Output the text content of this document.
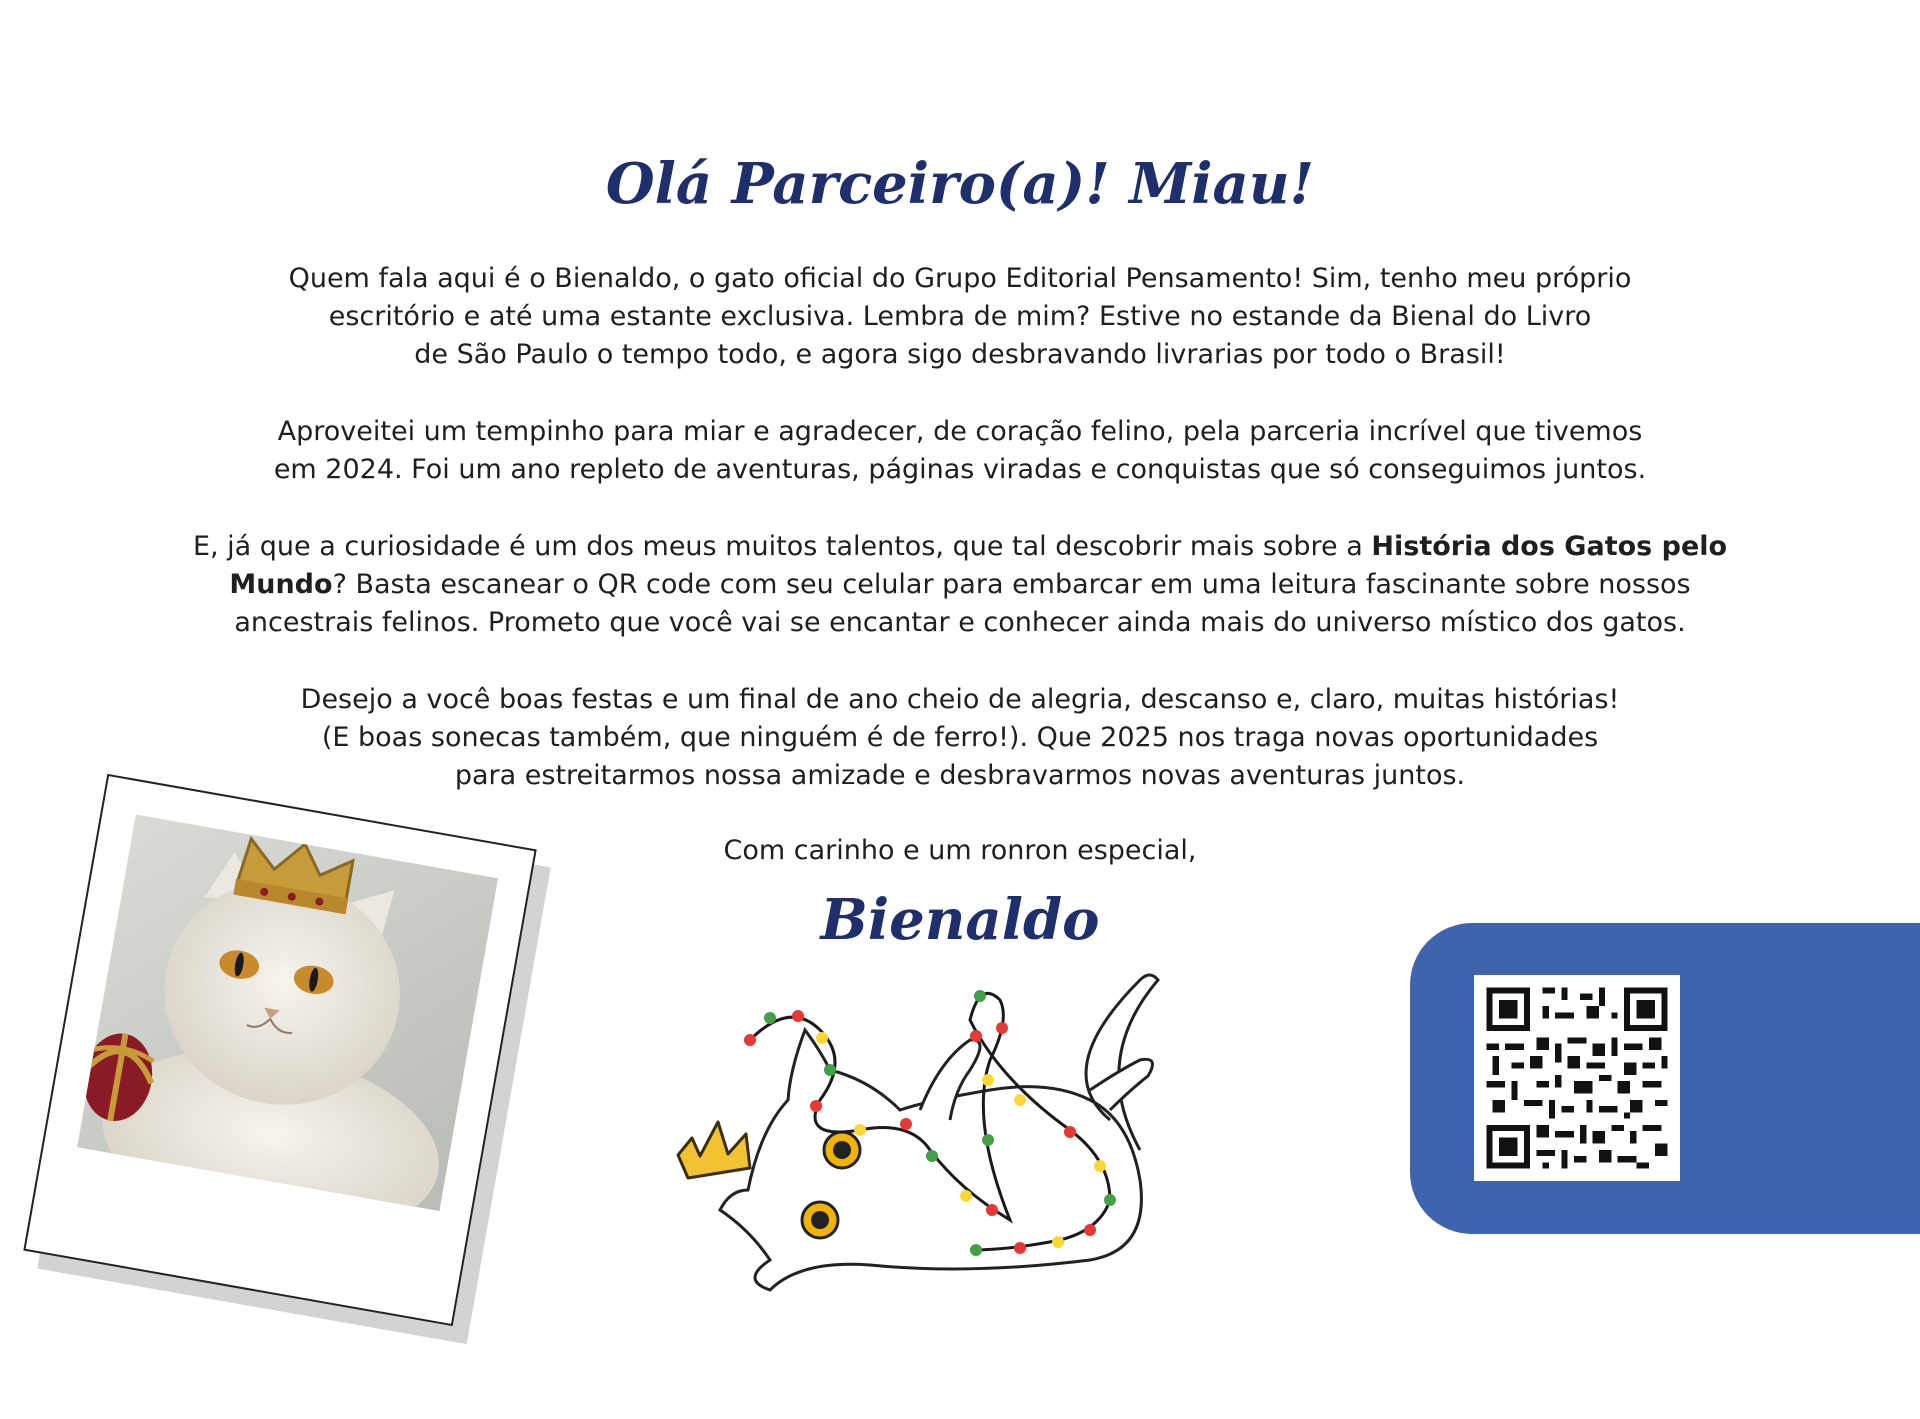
Olá Parceiro(a)! Miau!

Quem fala aqui é o Bienaldo, o gato oficial do Grupo Editorial Pensamento! Sim, tenho meu próprio
escritório e até uma estante exclusiva. Lembra de mim? Estive no estande da Bienal do Livro
de São Paulo o tempo todo, e agora sigo desbravando livrarias por todo o Brasil!

Aproveitei um tempinho para miar e agradecer, de coração felino, pela parceria incrível que tivemos
em 2024. Foi um ano repleto de aventuras, páginas viradas e conquistas que só conseguimos juntos.

E, já que a curiosidade é um dos meus muitos talentos, que tal descobrir mais sobre a História dos Gatos pelo
Mundo? Basta escanear o QR code com seu celular para embarcar em uma leitura fascinante sobre nossos
ancestrais felinos. Prometo que você vai se encantar e conhecer ainda mais do universo místico dos gatos.

Desejo a você boas festas e um final de ano cheio de alegria, descanso e, claro, muitas histórias!
(E boas sonecas também, que ninguém é de ferro!). Que 2025 nos traga novas oportunidades
para estreitarmos nossa amizade e desbravarmos novas aventuras juntos.

Com carinho e um ronron especial,

Bienaldo
